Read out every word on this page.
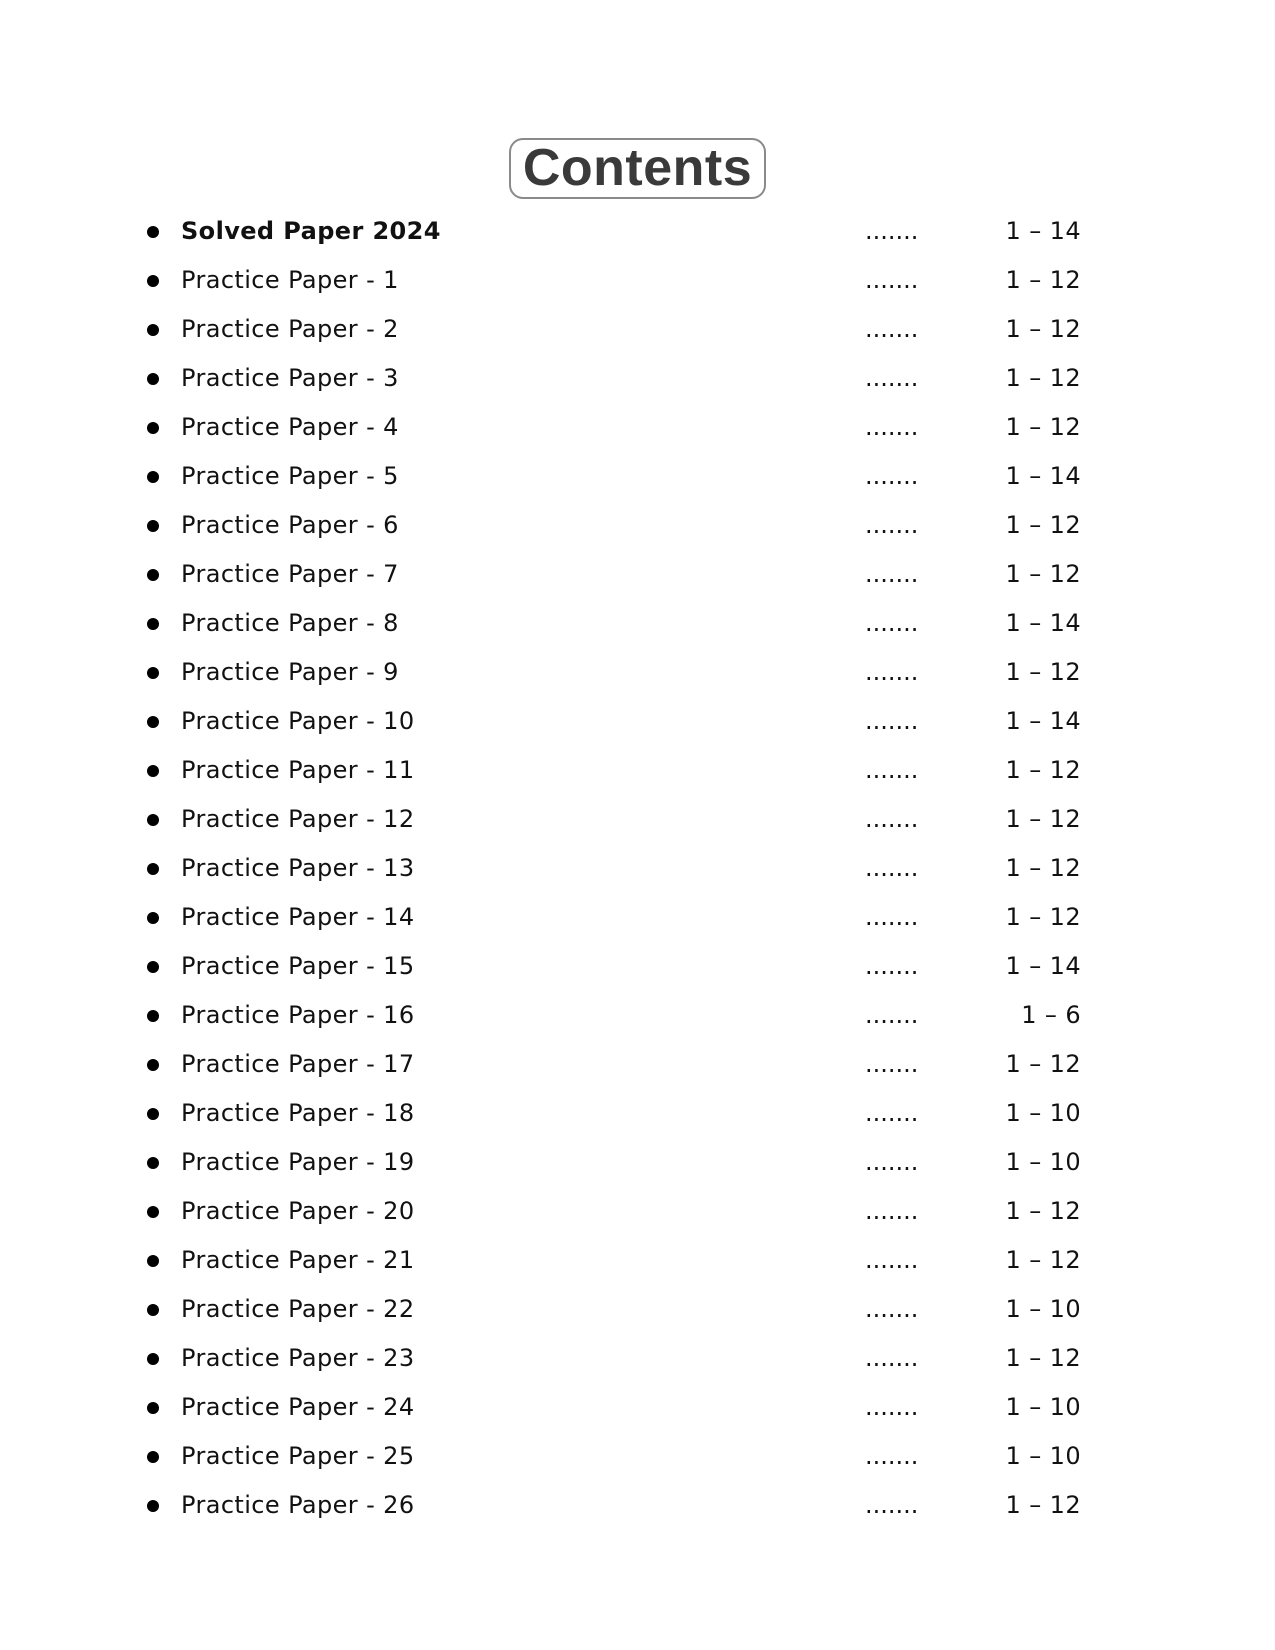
Contents
Solved Paper 2024	.......	1 – 14
Practice Paper - 1	.......	1 – 12
Practice Paper - 2	.......	1 – 12
Practice Paper - 3	.......	1 – 12
Practice Paper - 4	.......	1 – 12
Practice Paper - 5	.......	1 – 14
Practice Paper - 6	.......	1 – 12
Practice Paper - 7	.......	1 – 12
Practice Paper - 8	.......	1 – 14
Practice Paper - 9	.......	1 – 12
Practice Paper - 10	.......	1 – 14
Practice Paper - 11	.......	1 – 12
Practice Paper - 12	.......	1 – 12
Practice Paper - 13	.......	1 – 12
Practice Paper - 14	.......	1 – 12
Practice Paper - 15	.......	1 – 14
Practice Paper - 16	.......	1 – 6
Practice Paper - 17	.......	1 – 12
Practice Paper - 18	.......	1 – 10
Practice Paper - 19	.......	1 – 10
Practice Paper - 20	.......	1 – 12
Practice Paper - 21	.......	1 – 12
Practice Paper - 22	.......	1 – 10
Practice Paper - 23	.......	1 – 12
Practice Paper - 24	.......	1 – 10
Practice Paper - 25	.......	1 – 10
Practice Paper - 26	.......	1 – 12
